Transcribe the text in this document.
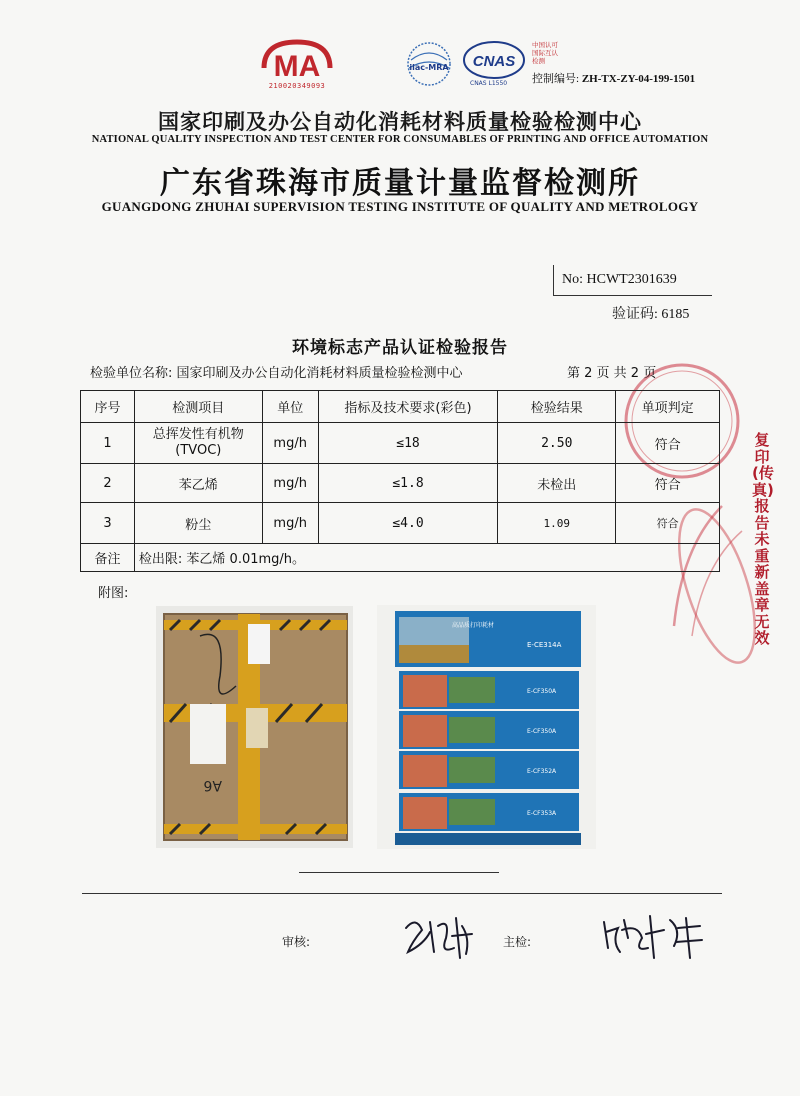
MA
210020349093
ilac-MRA CNAS
CNAS L1550
中国认可
国际互认
检测
控制编号: ZH-TX-ZY-04-199-1501
国家印刷及办公自动化消耗材料质量检验检测中心
NATIONAL QUALITY INSPECTION AND TEST CENTER FOR CONSUMABLES OF PRINTING AND OFFICE AUTOMATION
广东省珠海市质量计量监督检测所
GUANGDONG ZHUHAI SUPERVISION TESTING INSTITUTE OF QUALITY AND METROLOGY
No: HCWT2301639
验证码: 6185
环境标志产品认证检验报告
检验单位名称: 国家印刷及办公自动化消耗材料质量检验检测中心	第 2 页 共 2 页
序号	检测项目	单位	指标及技术要求(彩色)	检验结果	单项判定
1	总挥发性有机物
(TVOC)	mg/h	≤18	2.50	符合
2	苯乙烯	mg/h	≤1.8	未检出	符合
3	粉尘	mg/h	≤4.0	1.09	符合
备注	检出限: 苯乙烯 0.01mg/h。				
附图:
A6
E-CE314A
高品质打印耗材
E-CF350A
E-CF350A
E-CF352A
E-CF353A
审核:	主检:
复印(传真)报告未重新盖章无效
